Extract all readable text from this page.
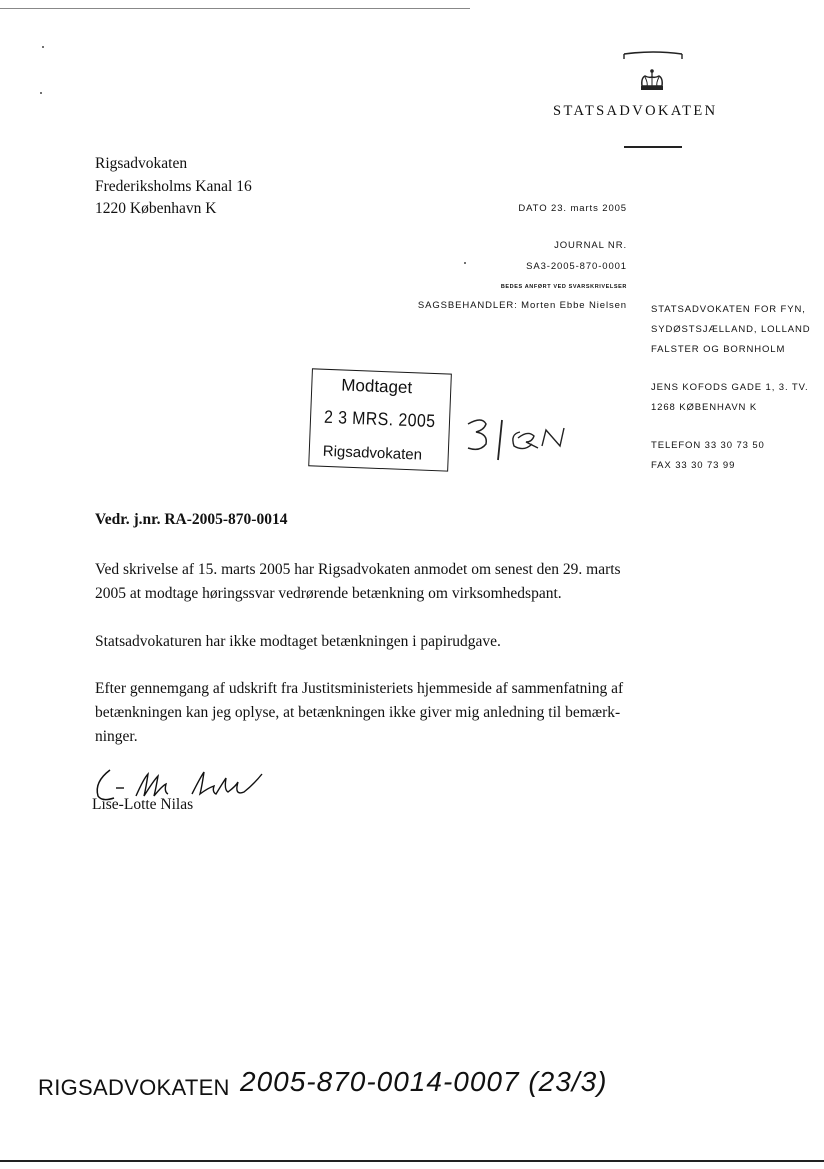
STATSADVOKATEN
Rigsadvokaten
Frederiksholms Kanal 16
1220 København K	DATO 23. marts 2005
JOURNAL NR.
SA3-2005-870-0001
BEDES ANFØRT VED SVARSKRIVELSER
SAGSBEHANDLER: Morten Ebbe Nielsen	STATSADVOKATEN FOR FYN,
SYDØSTSJÆLLAND, LOLLAND
FALSTER OG BORNHOLM
JENS KOFODS GADE 1, 3. TV.
1268 KØBENHAVN K
TELEFON 33 30 73 50
FAX 33 30 73 99
Modtaget
2 3 MRS. 2005
Rigsadvokaten
Vedr. j.nr. RA-2005-870-0014
Ved skrivelse af 15. marts 2005 har Rigsadvokaten anmodet om senest den 29. marts 2005 at modtage høringssvar vedrørende betænkning om virksomhedspant.
Statsadvokaturen har ikke modtaget betænkningen i papirudgave.
Efter gennemgang af udskrift fra Justitsministeriets hjemmeside af sammenfatning af betænkningen kan jeg oplyse, at betænkningen ikke giver mig anledning til bemærk-ninger.
Lise-Lotte Nilas
RIGSADVOKATEN 2005-870-0014-0007 (23/3)
